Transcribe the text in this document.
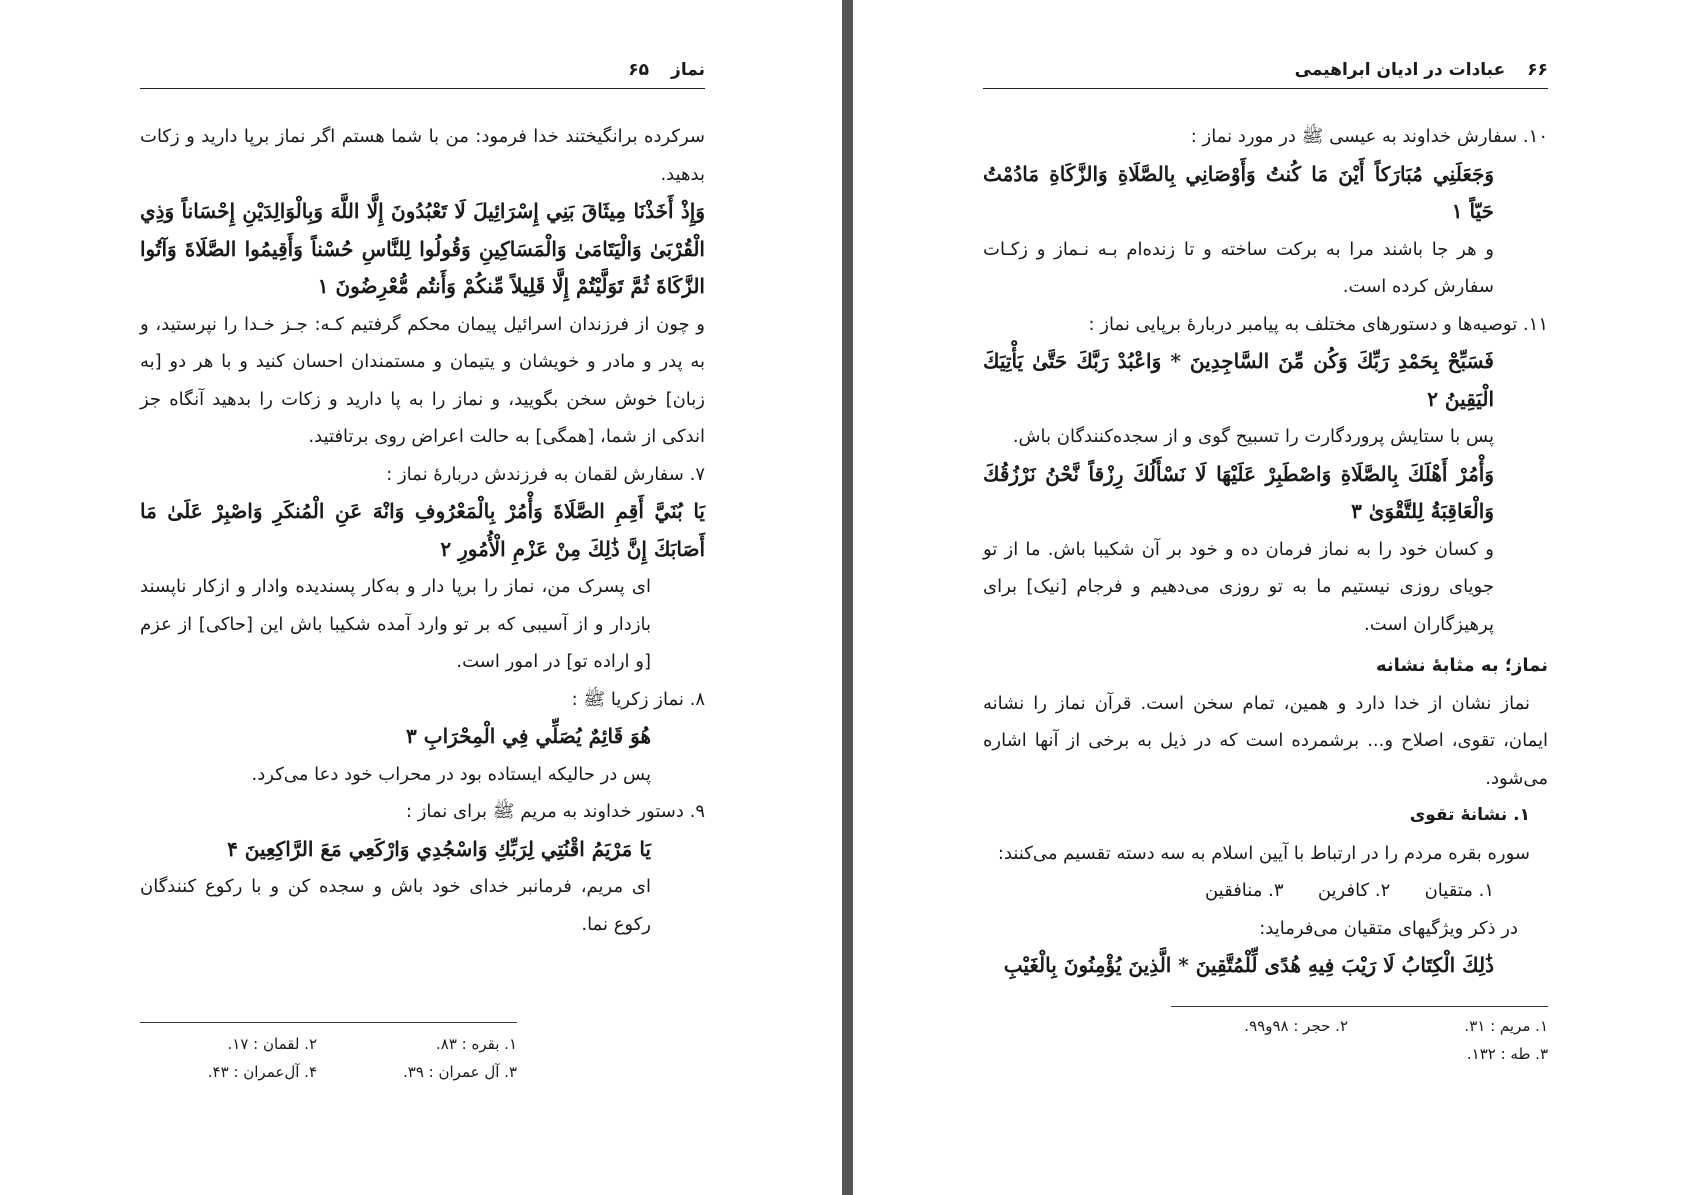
۶۵ نماز

سرکرده برانگیختند خدا فرمود: من با شما هستم اگر نماز برپا دارید و زکات بدهید.

وَإِذْ أَخَذْنَا مِيثَاقَ بَنِي إِسْرَائِيلَ لَا تَعْبُدُونَ إِلَّا اللَّهَ وَبِالْوَالِدَيْنِ إِحْسَاناً وَذِي الْقُرْبَىٰ وَالْيَتَامَىٰ وَالْمَسَاكِينِ وَقُولُوا لِلنَّاسِ حُسْناً وَأَقِيمُوا الصَّلَاةَ وَآتُوا الزَّكَاةَ ثُمَّ تَوَلَّيْتُمْ إِلَّا قَلِيلاً مِّنكُمْ وَأَنتُم مُّعْرِضُونَ ۱

و چون از فرزندان اسرائیل پیمان محکم گرفتیم کـه: جـز خـدا را نپرستید، و به پدر و مادر و خویشان و یتیمان و مستمندان احسان کنید و با هر دو [به زبان] خوش سخن بگویید، و نماز را به پا دارید و زکات را بدهید آنگاه جز اندکی از شما، [همگی] به حالت اعراض روی برتافتید.

۷. سفارش لقمان به فرزندش دربارهٔ نماز :

يَا بُنَيَّ أَقِمِ الصَّلَاةَ وَأْمُرْ بِالْمَعْرُوفِ وَانْهَ عَنِ الْمُنكَرِ وَاصْبِرْ عَلَىٰ مَا أَصَابَكَ إِنَّ ذَٰلِكَ مِنْ عَزْمِ الْأُمُورِ ۲

ای پسرک من، نماز را برپا دار و به‌کار پسندیده وادار و ازکار ناپسند بازدار و از آسیبی که بر تو وارد آمده شکیبا باش این [حاکی] از عزم [و اراده تو] در امور است.

۸. نماز زکریا ﷺ :

هُوَ قَائِمٌ يُصَلِّي فِي الْمِحْرَابِ ۳

پس در حالیکه ایستاده بود در محراب خود دعا می‌کرد.

۹. دستور خداوند به مریم ﷺ برای نماز :

يَا مَرْيَمُ اقْنُتِي لِرَبِّكِ وَاسْجُدِي وَارْكَعِي مَعَ الرَّاكِعِينَ ۴

ای مریم، فرمانبر خدای خود باش و سجده کن و با رکوع کنندگان رکوع نما.

۱. بقره : ۸۳.
۲. لقمان : ۱۷.
۳. آل عمران : ۳۹.
۴. آل‌عمران : ۴۳.
۶۶
عبادات در ادیان ابراهیمی

۱۰. سفارش خداوند به عیسی ﷺ در مورد نماز :

وَجَعَلَنِي مُبَارَكاً أَيْنَ مَا كُنتُ وَأَوْصَانِي بِالصَّلَاةِ وَالزَّكَاةِ مَادُمْتُ حَيّاً ۱

و هر جا باشند مرا به برکت ساخته و تا زنده‌ام بـه نـماز و زکـات سفارش کرده است.

۱۱. توصیه‌ها و دستورهای مختلف به پیامبر دربارهٔ برپایی نماز :

فَسَبِّحْ بِحَمْدِ رَبِّكَ وَكُن مِّنَ السَّاجِدِينَ * وَاعْبُدْ رَبَّكَ حَتَّىٰ يَأْتِيَكَ الْيَقِينُ ۲

پس با ستایش پروردگارت را تسبیح گوی و از سجده‌کنندگان باش.

وَأْمُرْ أَهْلَكَ بِالصَّلَاةِ وَاصْطَبِرْ عَلَيْهَا لَا نَسْأَلُكَ رِزْقاً نَّحْنُ نَرْزُقُكَ وَالْعَاقِبَةُ لِلتَّقْوَىٰ ۳

و کسان خود را به نماز فرمان ده و خود بر آن شکیبا باش. ما از تو جویای روزی نیستیم ما به تو روزی می‌دهیم و فرجام [نیک] برای پرهیزگاران است.

نماز؛ به مثابهٔ نشانه

نماز نشان از خدا دارد و همین، تمام سخن است. قرآن نماز را نشانه ایمان، تقوی، اصلاح و... برشمرده است که در ذیل به برخی از آنها اشاره می‌شود.

۱. نشانهٔ تقوی

سوره بقره مردم را در ارتباط با آیین اسلام به سه دسته تقسیم می‌کنند:

۱. متقیان      ۲. کافرین      ۳. منافقین

در ذکر ویژگیهای متقیان می‌فرماید:

ذَٰلِكَ الْكِتَابُ لَا رَيْبَ فِيهِ هُدًى لِّلْمُتَّقِينَ * الَّذِينَ يُؤْمِنُونَ بِالْغَيْبِ

۱. مریم : ۳۱.
۲. حجر : ۹۸و۹۹.
۳. طه : ۱۳۲.
